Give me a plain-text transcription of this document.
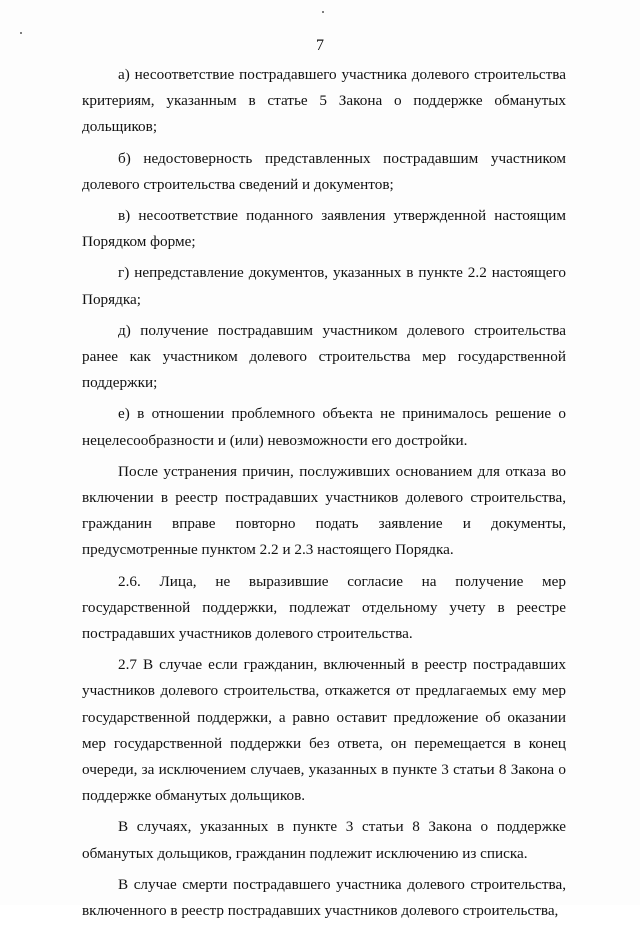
7

а) несоответствие пострадавшего участника долевого строительства критериям, указанным в статье 5 Закона о поддержке обманутых дольщиков;

б) недостоверность представленных пострадавшим участником долевого строительства сведений и документов;

в) несоответствие поданного заявления утвержденной настоящим Порядком форме;

г) непредставление документов, указанных в пункте 2.2 настоящего Порядка;

д) получение пострадавшим участником долевого строительства ранее как участником долевого строительства мер государственной поддержки;

е) в отношении проблемного объекта не принималось решение о нецелесообразности и (или) невозможности его достройки.

После устранения причин, послуживших основанием для отказа во включении в реестр пострадавших участников долевого строительства, гражданин вправе повторно подать заявление и документы, предусмотренные пунктом 2.2 и 2.3 настоящего Порядка.

2.6. Лица, не выразившие согласие на получение мер государственной поддержки, подлежат отдельному учету в реестре пострадавших участников долевого строительства.

2.7 В случае если гражданин, включенный в реестр пострадавших участников долевого строительства, откажется от предлагаемых ему мер государственной поддержки, а равно оставит предложение об оказании мер государственной поддержки без ответа, он перемещается в конец очереди, за исключением случаев, указанных в пункте 3 статьи 8 Закона о поддержке обманутых дольщиков.

В случаях, указанных в пункте 3 статьи 8 Закона о поддержке обманутых дольщиков, гражданин подлежит исключению из списка.

В случае смерти пострадавшего участника долевого строительства, включенного в реестр пострадавших участников долевого строительства,
